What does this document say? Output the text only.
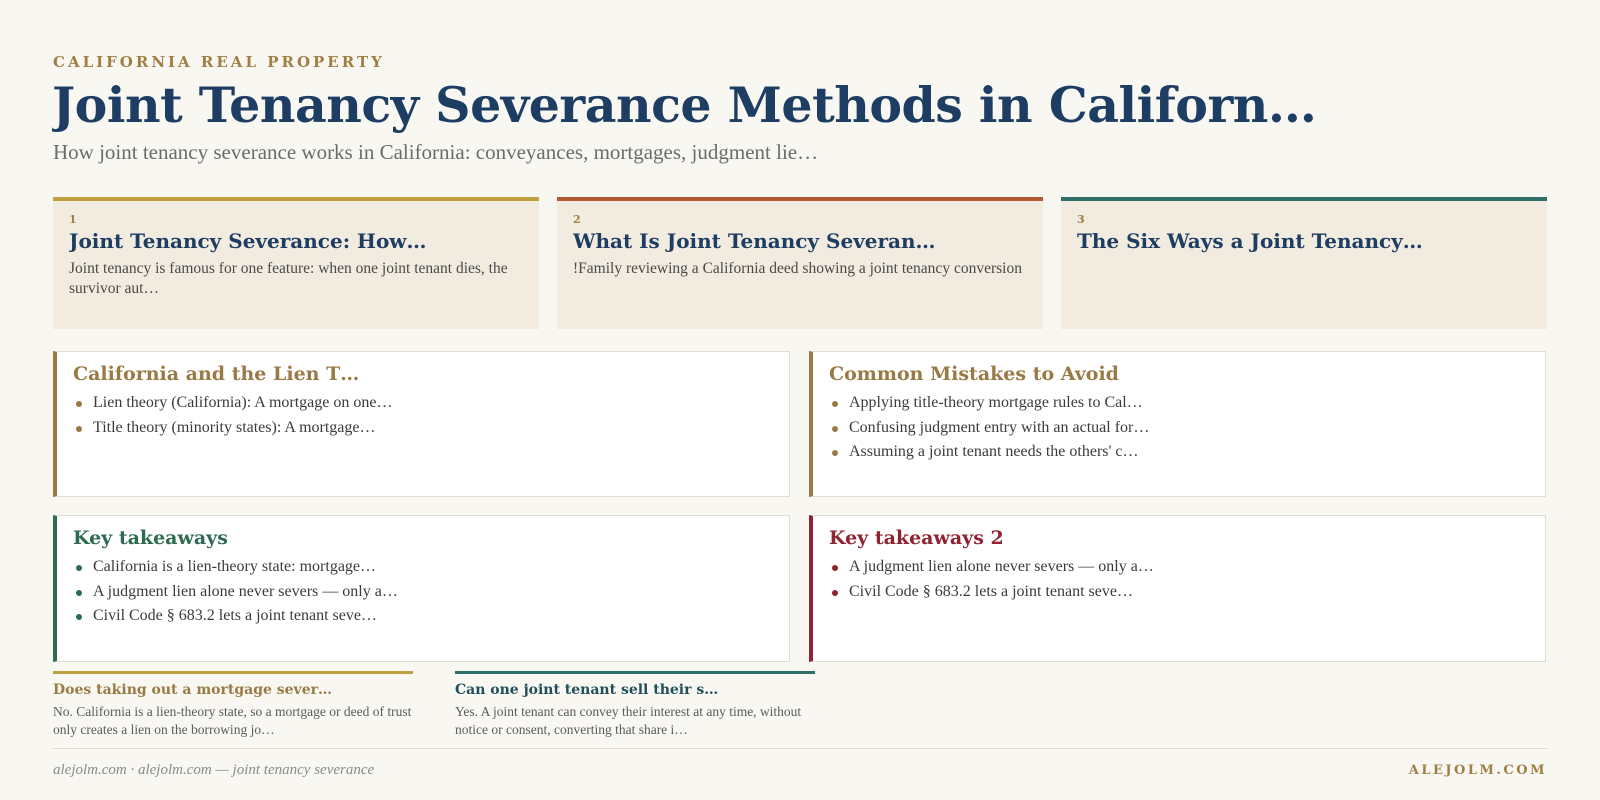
CALIFORNIA REAL PROPERTY
Joint Tenancy Severance Methods in Californ…
How joint tenancy severance works in California: conveyances, mortgages, judgment lie…
1
Joint Tenancy Severance: How…
Joint tenancy is famous for one feature: when one joint tenant dies, the survivor aut…
2
What Is Joint Tenancy Severan…
!Family reviewing a California deed showing a joint tenancy conversion
3
The Six Ways a Joint Tenancy…
California and the Lien T…
Lien theory (California): A mortgage on one…
Title theory (minority states): A mortgage…
Common Mistakes to Avoid
Applying title-theory mortgage rules to Cal…
Confusing judgment entry with an actual for…
Assuming a joint tenant needs the others' c…
Key takeaways
California is a lien-theory state: mortgage…
A judgment lien alone never severs — only a…
Civil Code § 683.2 lets a joint tenant seve…
Key takeaways 2
A judgment lien alone never severs — only a…
Civil Code § 683.2 lets a joint tenant seve…
Does taking out a mortgage sever…
No. California is a lien-theory state, so a mortgage or deed of trust only creates a lien on the borrowing jo…
Can one joint tenant sell their s…
Yes. A joint tenant can convey their interest at any time, without notice or consent, converting that share i…
alejolm.com · alejolm.com — joint tenancy severance	ALEJOLM.COM
